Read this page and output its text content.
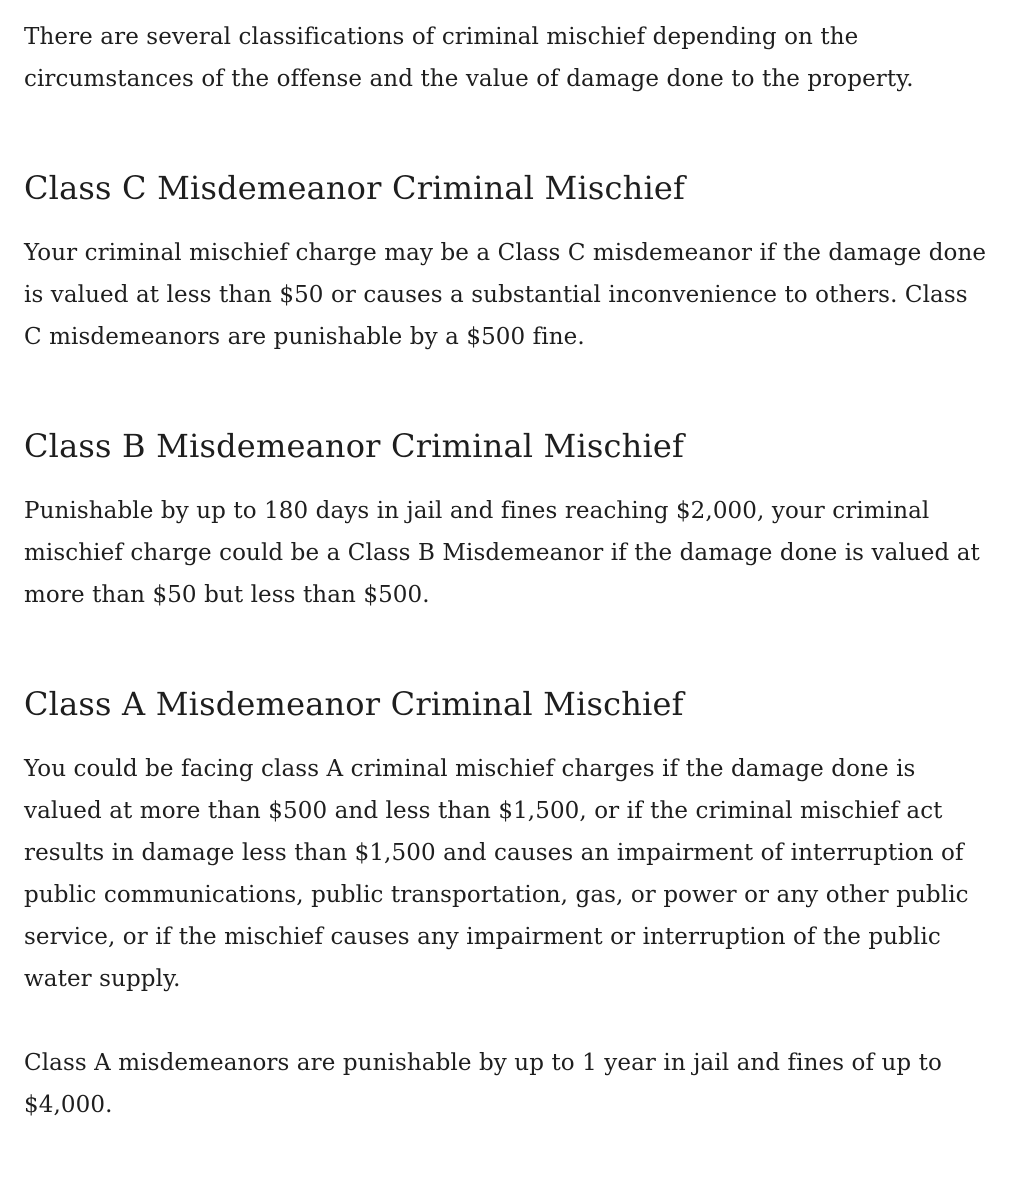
There are several classifications of criminal mischief depending on the circumstances of the offense and the value of damage done to the property.

Class C Misdemeanor Criminal Mischief

Your criminal mischief charge may be a Class C misdemeanor if the damage done is valued at less than $50 or causes a substantial inconvenience to others. Class C misdemeanors are punishable by a $500 fine.

Class B Misdemeanor Criminal Mischief

Punishable by up to 180 days in jail and fines reaching $2,000, your criminal mischief charge could be a Class B Misdemeanor if the damage done is valued at more than $50 but less than $500.

Class A Misdemeanor Criminal Mischief

You could be facing class A criminal mischief charges if the damage done is valued at more than $500 and less than $1,500, or if the criminal mischief act results in damage less than $1,500 and causes an impairment of interruption of public communications, public transportation, gas, or power or any other public service, or if the mischief causes any impairment or interruption of the public water supply.

Class A misdemeanors are punishable by up to 1 year in jail and fines of up to $4,000.
